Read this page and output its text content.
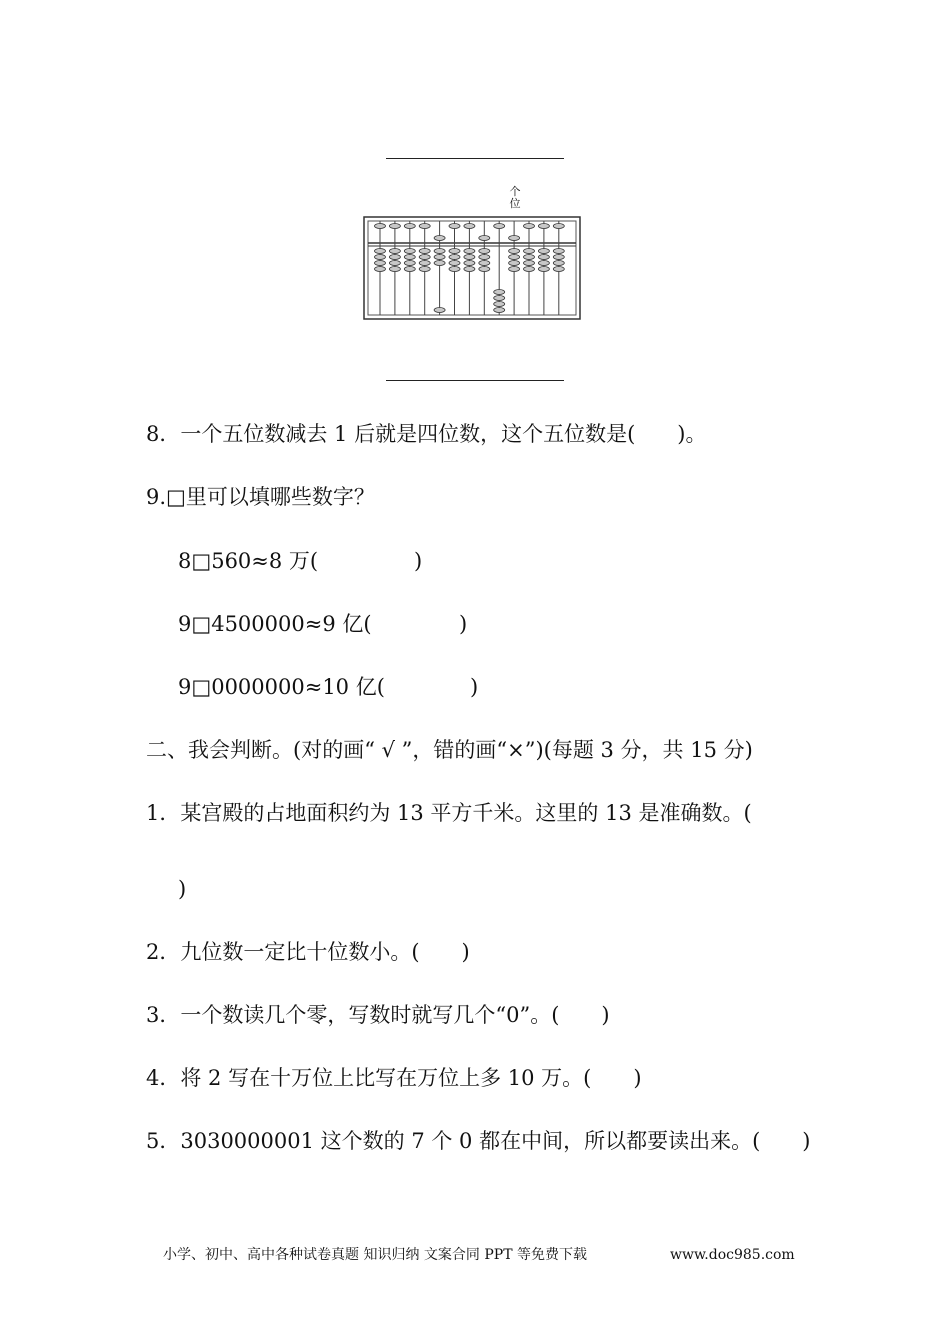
个
位
8．一个五位数减去 1 后就是四位数，这个五位数是(　　)。
9.□里可以填哪些数字？
8□560≈8 万(	)
9□4500000≈9 亿(	)
9□0000000≈10 亿(	)
二、我会判断。(对的画“ √ ”，错的画“×”)(每题 3 分，共 15 分)
1．某宫殿的占地面积约为 13 平方千米。这里的 13 是准确数。(
)
2．九位数一定比十位数小。(　　)
3．一个数读几个零，写数时就写几个“0”。(　　)
4．将 2 写在十万位上比写在万位上多 10 万。(　　)
5．3030000001 这个数的 7 个 0 都在中间，所以都要读出来。(　　)
小学、初中、高中各种试卷真题 知识归纳 文案合同 PPT 等免费下载	www.doc985.com
